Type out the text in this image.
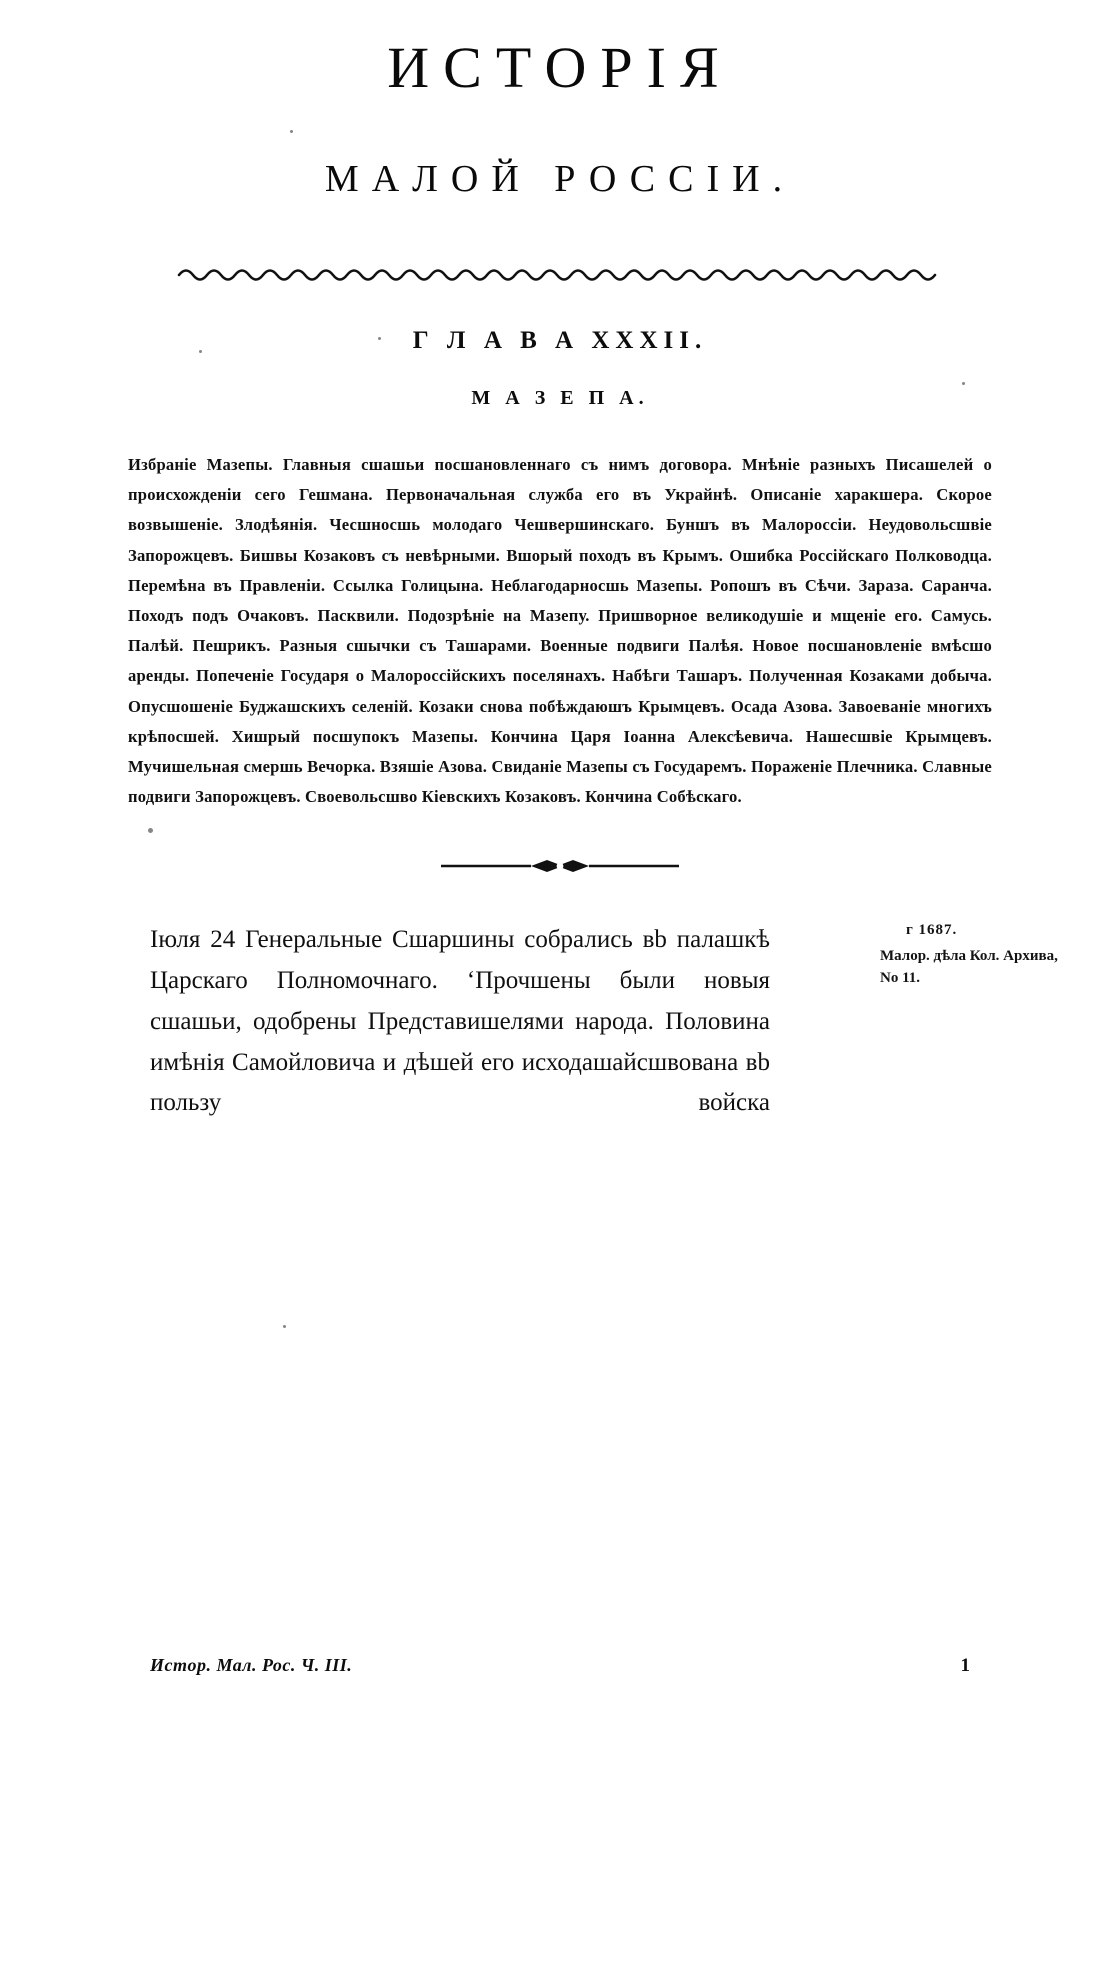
ИСТОРІЯ
МАЛОЙ РОССІИ.
Г Л А В А XXXII.
М А З Е П А.
Избраніе Мазепы. Главныя сшашьи посшановленнаго съ нимъ договора. Мнѣніе разныхъ Писашелей о происхожденіи сего Гешмана. Первоначальная служба его въ Украйнѣ. Описаніе харакшера. Скорое возвышеніе. Злодѣянія. Чесшносшь молодаго Чешвершинскаго. Буншъ въ Малороссіи. Неудовольсшвіе Запорожцевъ. Бишвы Козаковъ съ невѣрными. Вшорый походъ въ Крымъ. Ошибка Россійскаго Полководца. Перемѣна въ Правленіи. Ссылка Голицына. Неблагодарносшь Мазепы. Ропошъ въ Сѣчи. Зараза. Саранча. Походъ подъ Очаковъ. Пасквили. Подозрѣніе на Мазепу. Пришворное великодушіе и мщеніе его. Самусь. Палѣй. Пешрикъ. Разныя сшычки съ Ташарами. Военные подвиги Палѣя. Новое посшановленіе вмѣсшо аренды. Попеченіе Государя о Малороссійскихъ поселянахъ. Набѣги Ташаръ. Полученная Козаками добыча. Опусшошеніе Буджашскихъ селеній. Козаки снова побѣждаюшъ Крымцевъ. Осада Азова. Завоеваніе многихъ крѣпосшей. Хишрый посшупокъ Мазепы. Кончина Царя Іоанна Алексѣевича. Нашесшвіе Крымцевъ. Мучишельная смершь Вечорка. Взяшіе Азова. Свиданіе Мазепы съ Государемъ. Пораженіе Плечника. Славные подвиги Запорожцевъ. Своевольсшво Кіевскихъ Козаковъ. Кончина Собѣскаго.

Іюля 24 Генеральные Сшаршины собрались вb палашкѣ Царскаго Полномочнаго. ʻПрочшены были новыя сшашьи, одобрены Представишелями народа. Половина имѣнія Самойловича и дѣшей его исходашайсшвована вb пользу войска

г 1687.
Малор. дѣла Кол. Архива, No 11.
Исmор. Мал. Рос. Ч. III.	1
